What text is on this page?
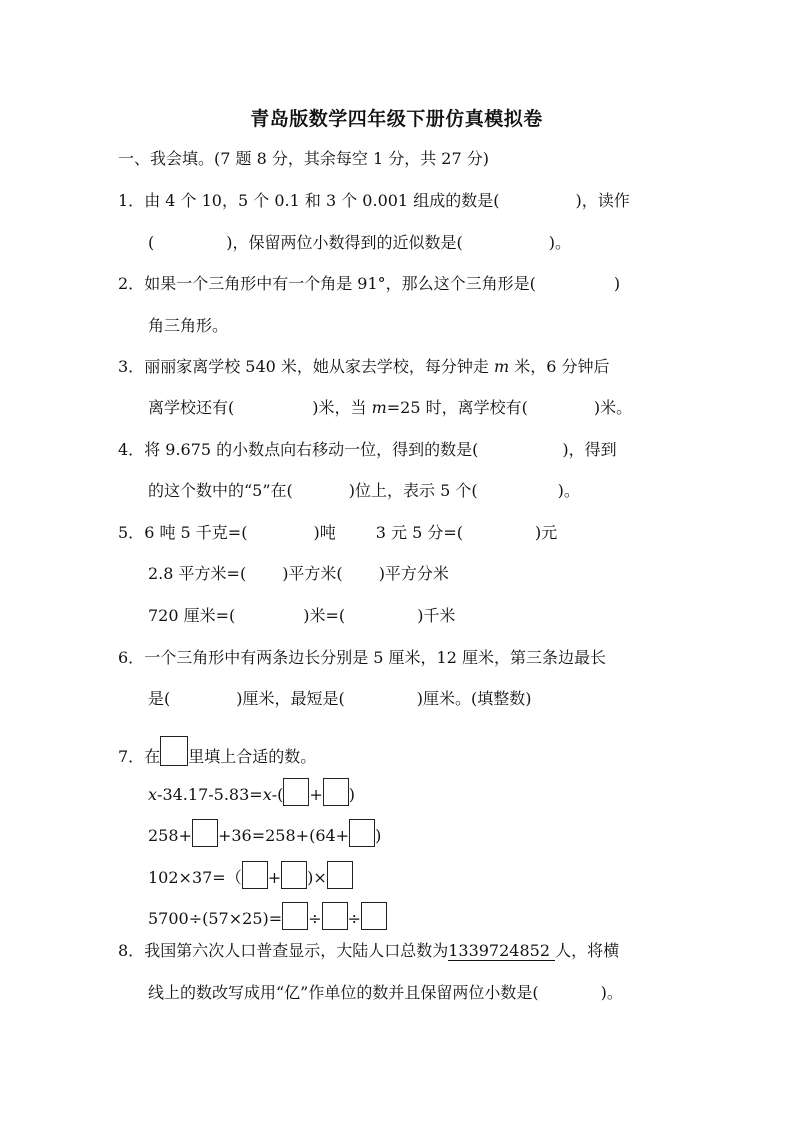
青岛版数学四年级下册仿真模拟卷
一、我会填。(7 题 8 分，其余每空 1 分，共 27 分)
1．由 4 个 10，5 个 0.1 和 3 个 0.001 组成的数是(	)，读作
(	)，保留两位小数得到的近似数是(	)。
2．如果一个三角形中有一个角是 91°，那么这个三角形是(	)
角三角形。
3．丽丽家离学校 540 米，她从家去学校，每分钟走 m 米，6 分钟后
离学校还有(	)米，当 m=25 时，离学校有(	)米。
4．将 9.675 的小数点向右移动一位，得到的数是(	)，得到
的这个数中的“5”在(	)位上，表示 5 个(	)。
5．6 吨 5 千克=(	)吨	3 元 5 分=(	)元
2.8 平方米=( )平方米( )平方分米
720 厘米=(	)米=(	)千米
6．一个三角形中有两条边长分别是 5 厘米，12 厘米，第三条边最长
是(	)厘米，最短是(	)厘米。(填整数)
7．在 里填上合适的数。
x-34.17-5.83=x-( + )
258+ +36=258+(64+ )
102×37=（ + )×
5700÷(57×25)= ÷ ÷
8．我国第六次人口普查显示，大陆人口总数为1339724852 人，将横
线上的数改写成用“亿”作单位的数并且保留两位小数是(	)。
